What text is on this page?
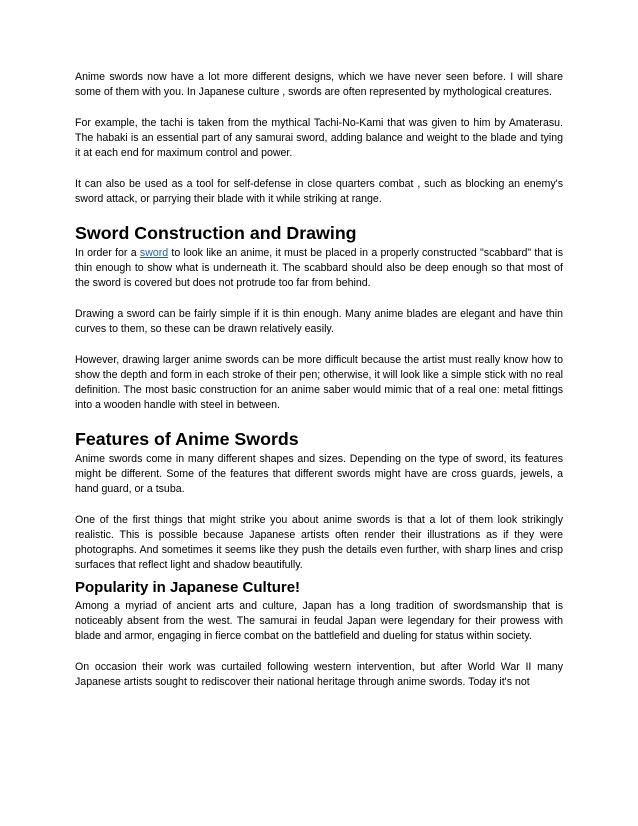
Anime swords now have a lot more different designs, which we have never seen before. I will share some of them with you. In Japanese culture , swords are often represented by mythological creatures.

For example, the tachi is taken from the mythical Tachi-No-Kami that was given to him by Amaterasu. The habaki is an essential part of any samurai sword, adding balance and weight to the blade and tying it at each end for maximum control and power.

It can also be used as a tool for self-defense in close quarters combat , such as blocking an enemy's sword attack, or parrying their blade with it while striking at range.

Sword Construction and Drawing

In order for a sword to look like an anime, it must be placed in a properly constructed "scabbard" that is thin enough to show what is underneath it. The scabbard should also be deep enough so that most of the sword is covered but does not protrude too far from behind.

Drawing a sword can be fairly simple if it is thin enough. Many anime blades are elegant and have thin curves to them, so these can be drawn relatively easily.

However, drawing larger anime swords can be more difficult because the artist must really know how to show the depth and form in each stroke of their pen; otherwise, it will look like a simple stick with no real definition. The most basic construction for an anime saber would mimic that of a real one: metal fittings into a wooden handle with steel in between.

Features of Anime Swords

Anime swords come in many different shapes and sizes. Depending on the type of sword, its features might be different. Some of the features that different swords might have are cross guards, jewels, a hand guard, or a tsuba.

One of the first things that might strike you about anime swords is that a lot of them look strikingly realistic. This is possible because Japanese artists often render their illustrations as if they were photographs. And sometimes it seems like they push the details even further, with sharp lines and crisp surfaces that reflect light and shadow beautifully.

Popularity in Japanese Culture!

Among a myriad of ancient arts and culture, Japan has a long tradition of swordsmanship that is noticeably absent from the west. The samurai in feudal Japan were legendary for their prowess with blade and armor, engaging in fierce combat on the battlefield and dueling for status within society.

On occasion their work was curtailed following western intervention, but after World War II many Japanese artists sought to rediscover their national heritage through anime swords. Today it's not
